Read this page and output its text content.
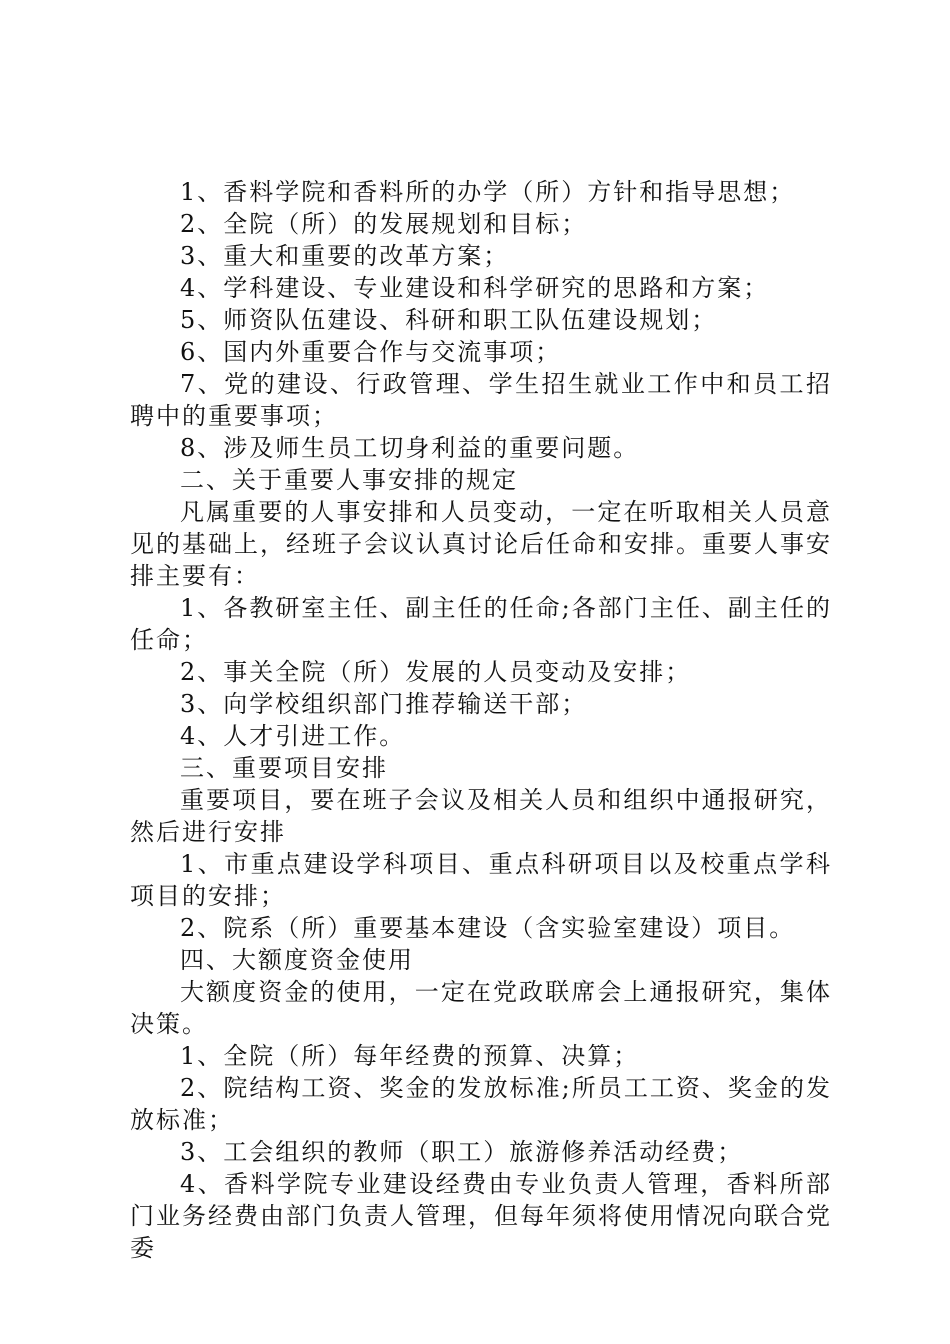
1、香料学院和香料所的办学（所）方针和指导思想；

2、全院（所）的发展规划和目标；

3、重大和重要的改革方案；

4、学科建设、专业建设和科学研究的思路和方案；

5、师资队伍建设、科研和职工队伍建设规划；

6、国内外重要合作与交流事项；

7、党的建设、行政管理、学生招生就业工作中和员工招聘中的重要事项；

8、涉及师生员工切身利益的重要问题。

二、关于重要人事安排的规定

凡属重要的人事安排和人员变动，一定在听取相关人员意见的基础上，经班子会议认真讨论后任命和安排。重要人事安排主要有：

1、各教研室主任、副主任的任命;各部门主任、副主任的任命；

2、事关全院（所）发展的人员变动及安排；

3、向学校组织部门推荐输送干部；

4、人才引进工作。

三、重要项目安排

重要项目，要在班子会议及相关人员和组织中通报研究，然后进行安排

1、市重点建设学科项目、重点科研项目以及校重点学科项目的安排；

2、院系（所）重要基本建设（含实验室建设）项目。

四、大额度资金使用

大额度资金的使用，一定在党政联席会上通报研究，集体决策。

1、全院（所）每年经费的预算、决算；

2、院结构工资、奖金的发放标准;所员工工资、奖金的发放标准；

3、工会组织的教师（职工）旅游修养活动经费；

4、香料学院专业建设经费由专业负责人管理，香料所部门业务经费由部门负责人管理，但每年须将使用情况向联合党委
